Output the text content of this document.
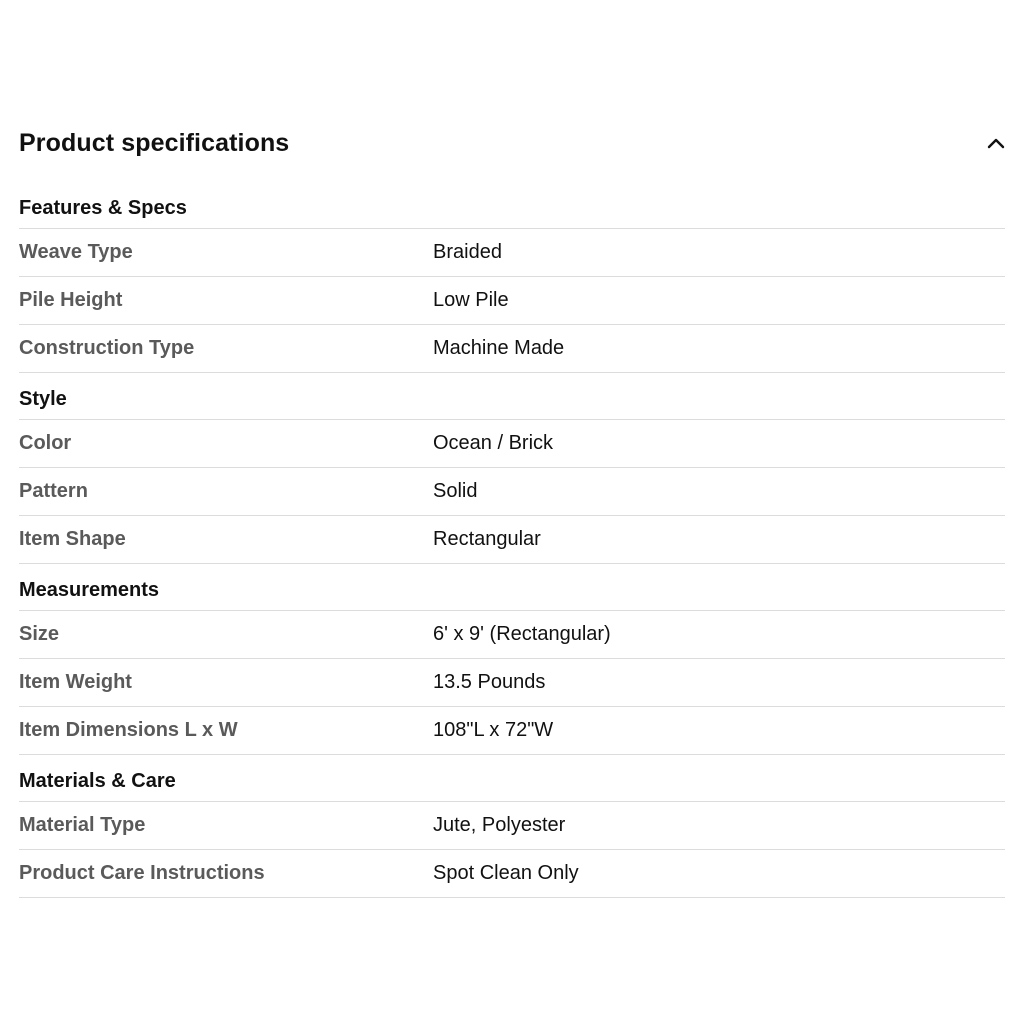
Product specifications
Features & Specs
Weave Type	Braided
Pile Height	Low Pile
Construction Type	Machine Made
Style
Color	Ocean / Brick
Pattern	Solid
Item Shape	Rectangular
Measurements
Size	6' x 9' (Rectangular)
Item Weight	13.5 Pounds
Item Dimensions L x W	108"L x 72"W
Materials & Care
Material Type	Jute, Polyester
Product Care Instructions	Spot Clean Only
